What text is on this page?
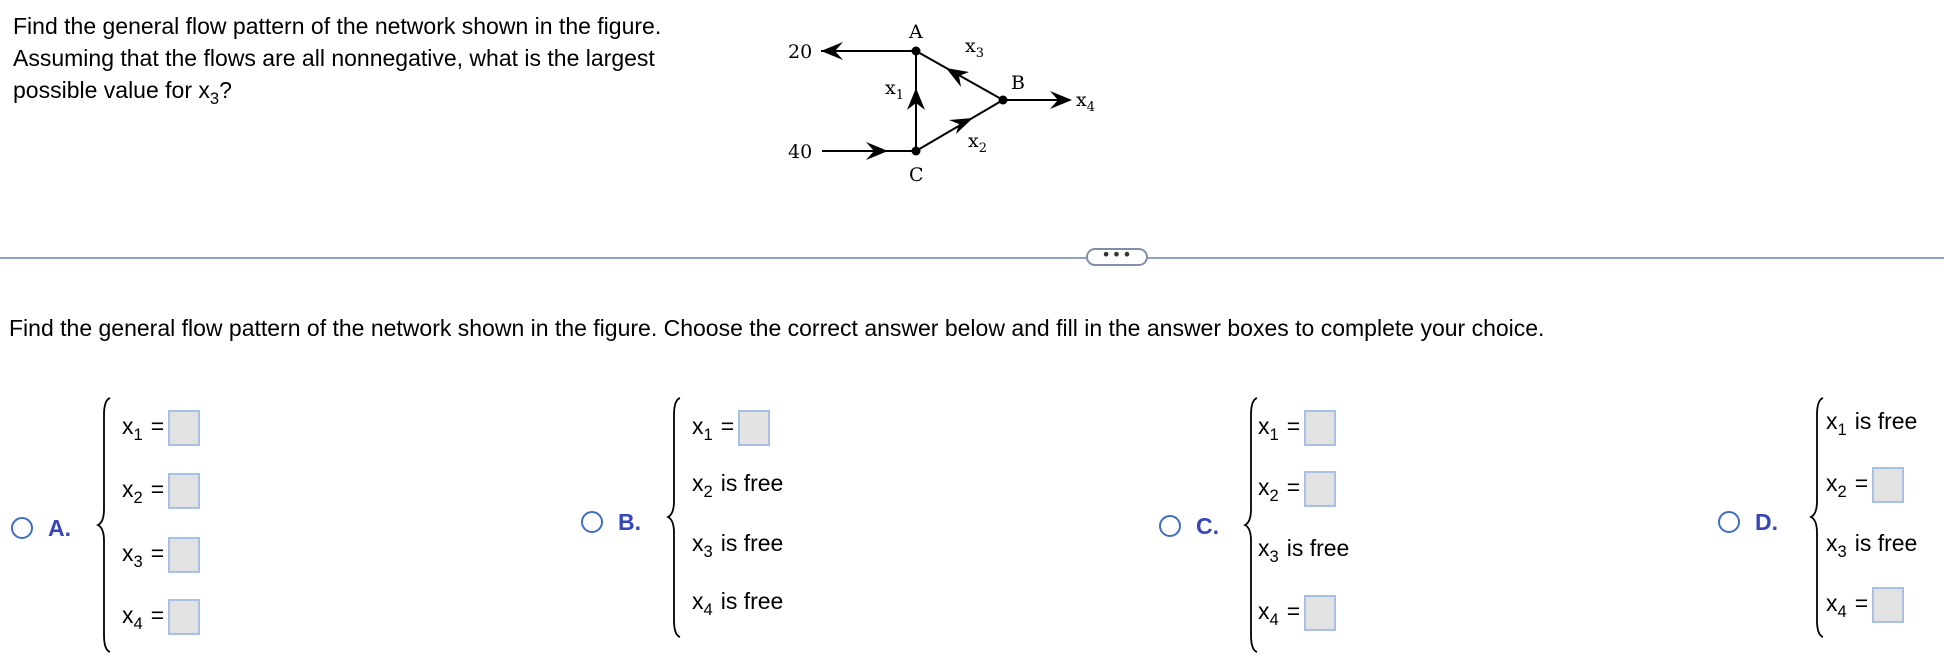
Find the general flow pattern of the network shown in the figure.
Assuming that the flows are all nonnegative, what is the largest
possible value for $x_3$?
A
B
C
20
40
$x_1$
$x_2$
$x_3$
$x_4$
•••
Find the general flow pattern of the network shown in the figure. Choose the correct answer below and fill in the answer boxes to complete your choice.
A.
$x_1$ =
$x_2$ =
$x_3$ =
$x_4$ =
B.
$x_1$ =
$x_2$ is free
$x_3$ is free
$x_4$ is free
C.
$x_1$ =
$x_2$ =
$x_3$ is free
$x_4$ =
D.
$x_1$ is free
$x_2$ =
$x_3$ is free
$x_4$ =
